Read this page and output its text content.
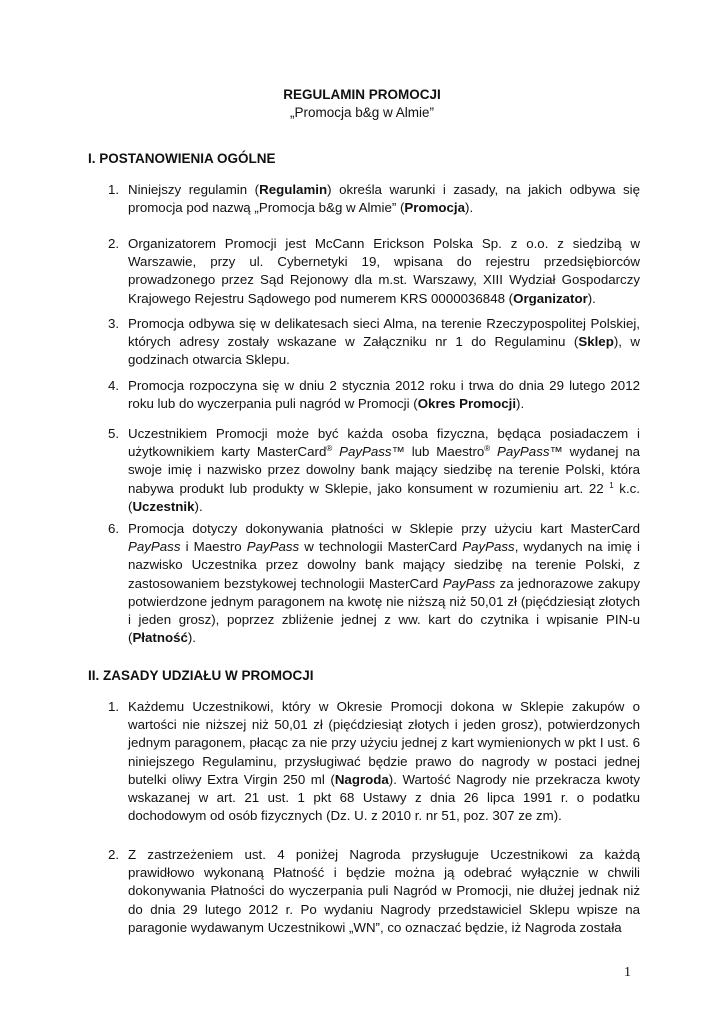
REGULAMIN PROMOCJI
„Promocja b&g w Almie”
I. POSTANOWIENIA OGÓLNE
1. Niniejszy regulamin (Regulamin) określa warunki i zasady, na jakich odbywa się promocja pod nazwą „Promocja b&g w Almie” (Promocja).
2. Organizatorem Promocji jest McCann Erickson Polska Sp. z o.o. z siedzibą w Warszawie, przy ul. Cybernetyki 19, wpisana do rejestru przedsiębiorców prowadzonego przez Sąd Rejonowy dla m.st. Warszawy, XIII Wydział Gospodarczy Krajowego Rejestru Sądowego pod numerem KRS 0000036848 (Organizator).
3. Promocja odbywa się w delikatesach sieci Alma, na terenie Rzeczypospolitej Polskiej, których adresy zostały wskazane w Załączniku nr 1 do Regulaminu (Sklep), w godzinach otwarcia Sklepu.
4. Promocja rozpoczyna się w dniu 2 stycznia 2012 roku i trwa do dnia 29 lutego 2012 roku lub do wyczerpania puli nagród w Promocji (Okres Promocji).
5. Uczestnikiem Promocji może być każda osoba fizyczna, będąca posiadaczem i użytkownikiem karty MasterCard® PayPass™ lub Maestro® PayPass™ wydanej na swoje imię i nazwisko przez dowolny bank mający siedzibę na terenie Polski, która nabywa produkt lub produkty w Sklepie, jako konsument w rozumieniu art. 22 $^1$ k.c. (Uczestnik).
6. Promocja dotyczy dokonywania płatności w Sklepie przy użyciu kart MasterCard PayPass i Maestro PayPass w technologii MasterCard PayPass, wydanych na imię i nazwisko Uczestnika przez dowolny bank mający siedzibę na terenie Polski, z zastosowaniem bezstykowej technologii MasterCard PayPass za jednorazowe zakupy potwierdzone jednym paragonem na kwotę nie niższą niż 50,01 zł (pięćdziesiąt złotych i jeden grosz), poprzez zbliżenie jednej z ww. kart do czytnika i wpisanie PIN-u (Płatność).
II. ZASADY UDZIAŁU W PROMOCJI
1. Każdemu Uczestnikowi, który w Okresie Promocji dokona w Sklepie zakupów o wartości nie niższej niż 50,01 zł (pięćdziesiąt złotych i jeden grosz), potwierdzonych jednym paragonem, płacąc za nie przy użyciu jednej z kart wymienionych w pkt I ust. 6 niniejszego Regulaminu, przysługiwać będzie prawo do nagrody w postaci jednej butelki oliwy Extra Virgin 250 ml (Nagroda). Wartość Nagrody nie przekracza kwoty wskazanej w art. 21 ust. 1 pkt 68 Ustawy z dnia 26 lipca 1991 r. o podatku dochodowym od osób fizycznych (Dz. U. z 2010 r. nr 51, poz. 307 ze zm).
2. Z zastrzeżeniem ust. 4 poniżej Nagroda przysługuje Uczestnikowi za każdą prawidłowo wykonaną Płatność i będzie można ją odebrać wyłącznie w chwili dokonywania Płatności do wyczerpania puli Nagród w Promocji, nie dłużej jednak niż do dnia 29 lutego 2012 r. Po wydaniu Nagrody przedstawiciel Sklepu wpisze na paragonie wydawanym Uczestnikowi „WN”, co oznaczać będzie, iż Nagroda została
1
